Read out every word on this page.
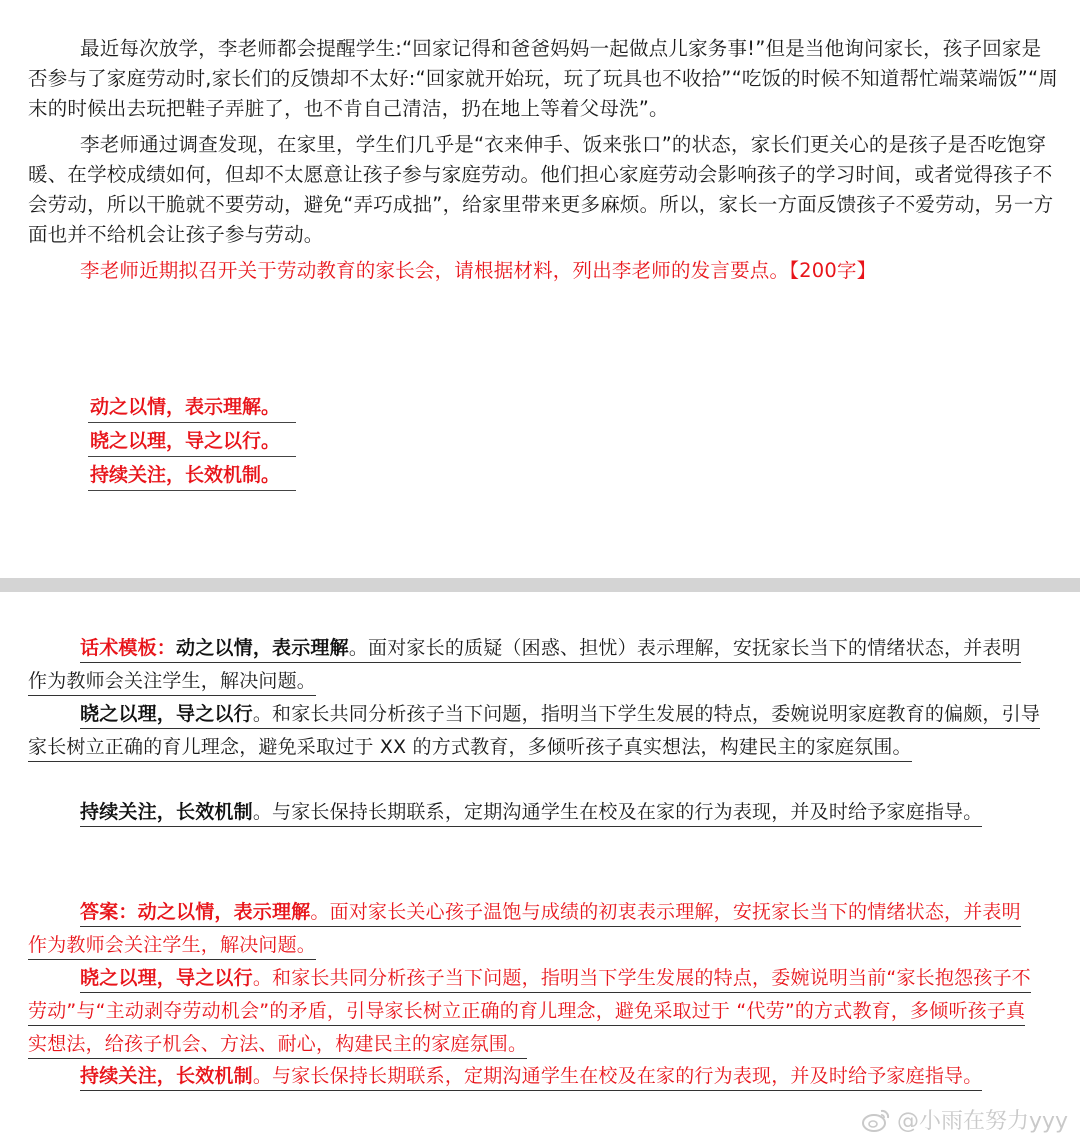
最近每次放学，李老师都会提醒学生:“回家记得和爸爸妈妈一起做点儿家务事!”但是当他询问家长，孩子回家是否参与了家庭劳动时,家长们的反馈却不太好:“回家就开始玩，玩了玩具也不收拾”“吃饭的时候不知道帮忙端菜端饭”“周末的时候出去玩把鞋子弄脏了，也不肯自己清洁，扔在地上等着父母洗”。

李老师通过调查发现，在家里，学生们几乎是“衣来伸手、饭来张口”的状态，家长们更关心的是孩子是否吃饱穿暖、在学校成绩如何，但却不太愿意让孩子参与家庭劳动。他们担心家庭劳动会影响孩子的学习时间，或者觉得孩子不会劳动，所以干脆就不要劳动，避免“弄巧成拙”，给家里带来更多麻烦。所以，家长一方面反馈孩子不爱劳动，另一方面也并不给机会让孩子参与劳动。

李老师近期拟召开关于劳动教育的家长会，请根据材料，列出李老师的发言要点。【200字】

动之以情，表示理解。
晓之以理，导之以行。
持续关注，长效机制。

话术模板：动之以情，表示理解。面对家长的质疑（困惑、担忧）表示理解，安抚家长当下的情绪状态，并表明作为教师会关注学生，解决问题。

晓之以理，导之以行。和家长共同分析孩子当下问题，指明当下学生发展的特点，委婉说明家庭教育的偏颇，引导家长树立正确的育儿理念，避免采取过于 XX 的方式教育，多倾听孩子真实想法，构建民主的家庭氛围。

持续关注，长效机制。与家长保持长期联系，定期沟通学生在校及在家的行为表现，并及时给予家庭指导。

答案：动之以情，表示理解。面对家长关心孩子温饱与成绩的初衷表示理解，安抚家长当下的情绪状态，并表明作为教师会关注学生，解决问题。

晓之以理，导之以行。和家长共同分析孩子当下问题，指明当下学生发展的特点，委婉说明当前“家长抱怨孩子不劳动”与“主动剥夺劳动机会”的矛盾，引导家长树立正确的育儿理念，避免采取过于 “代劳”的方式教育，多倾听孩子真实想法，给孩子机会、方法、耐心，构建民主的家庭氛围。

持续关注，长效机制。与家长保持长期联系，定期沟通学生在校及在家的行为表现，并及时给予家庭指导。

@小雨在努力yyy
